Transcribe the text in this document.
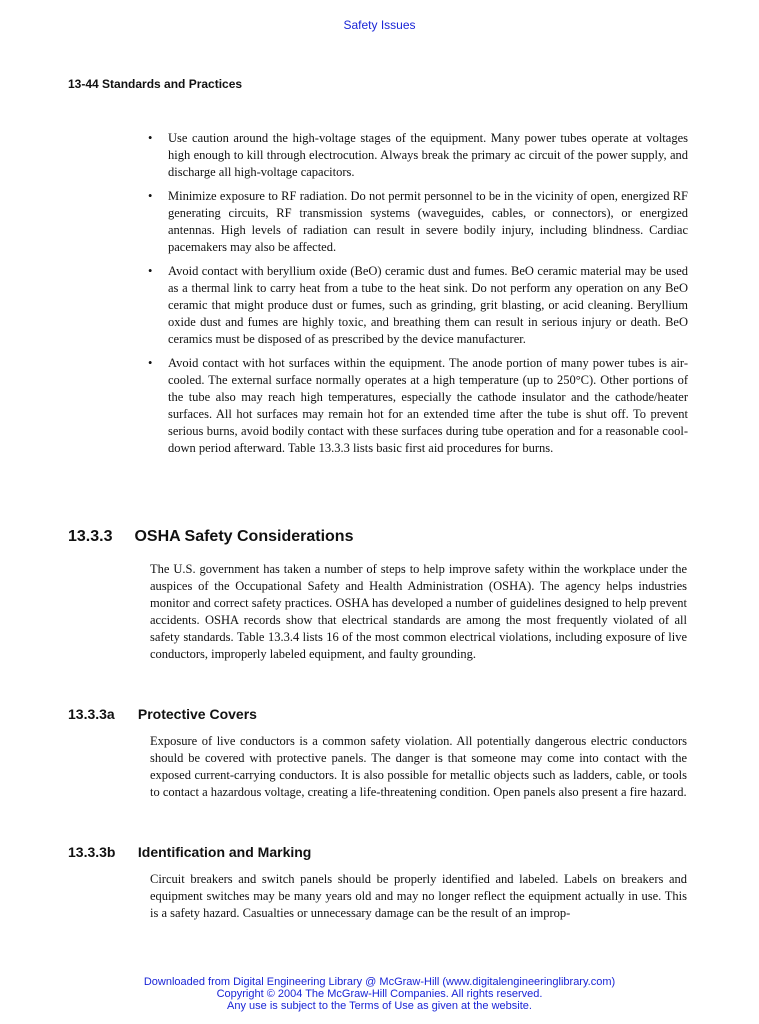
Safety Issues
13-44 Standards and Practices
• Use caution around the high-voltage stages of the equipment. Many power tubes operate at voltages high enough to kill through electrocution. Always break the primary ac circuit of the power supply, and discharge all high-voltage capacitors.
• Minimize exposure to RF radiation. Do not permit personnel to be in the vicinity of open, energized RF generating circuits, RF transmission systems (waveguides, cables, or connectors), or energized antennas. High levels of radiation can result in severe bodily injury, including blindness. Cardiac pacemakers may also be affected.
• Avoid contact with beryllium oxide (BeO) ceramic dust and fumes. BeO ceramic material may be used as a thermal link to carry heat from a tube to the heat sink. Do not perform any operation on any BeO ceramic that might produce dust or fumes, such as grinding, grit blasting, or acid cleaning. Beryllium oxide dust and fumes are highly toxic, and breathing them can result in serious injury or death. BeO ceramics must be disposed of as prescribed by the device manufacturer.
• Avoid contact with hot surfaces within the equipment. The anode portion of many power tubes is air-cooled. The external surface normally operates at a high temperature (up to 250°C). Other portions of the tube also may reach high temperatures, especially the cathode insulator and the cathode/heater surfaces. All hot surfaces may remain hot for an extended time after the tube is shut off. To prevent serious burns, avoid bodily contact with these surfaces during tube operation and for a reasonable cool-down period afterward. Table 13.3.3 lists basic first aid procedures for burns.
13.3.3 OSHA Safety Considerations

The U.S. government has taken a number of steps to help improve safety within the workplace under the auspices of the Occupational Safety and Health Administration (OSHA). The agency helps industries monitor and correct safety practices. OSHA has developed a number of guidelines designed to help prevent accidents. OSHA records show that electrical standards are among the most frequently violated of all safety standards. Table 13.3.4 lists 16 of the most common electrical violations, including exposure of live conductors, improperly labeled equipment, and faulty grounding.

13.3.3a Protective Covers

Exposure of live conductors is a common safety violation. All potentially dangerous electric conductors should be covered with protective panels. The danger is that someone may come into contact with the exposed current-carrying conductors. It is also possible for metallic objects such as ladders, cable, or tools to contact a hazardous voltage, creating a life-threatening condition. Open panels also present a fire hazard.

13.3.3b Identification and Marking

Circuit breakers and switch panels should be properly identified and labeled. Labels on breakers and equipment switches may be many years old and may no longer reflect the equipment actually in use. This is a safety hazard. Casualties or unnecessary damage can be the result of an improp-

Downloaded from Digital Engineering Library @ McGraw-Hill (www.digitalengineeringlibrary.com)
Copyright © 2004 The McGraw-Hill Companies. All rights reserved.
Any use is subject to the Terms of Use as given at the website.
